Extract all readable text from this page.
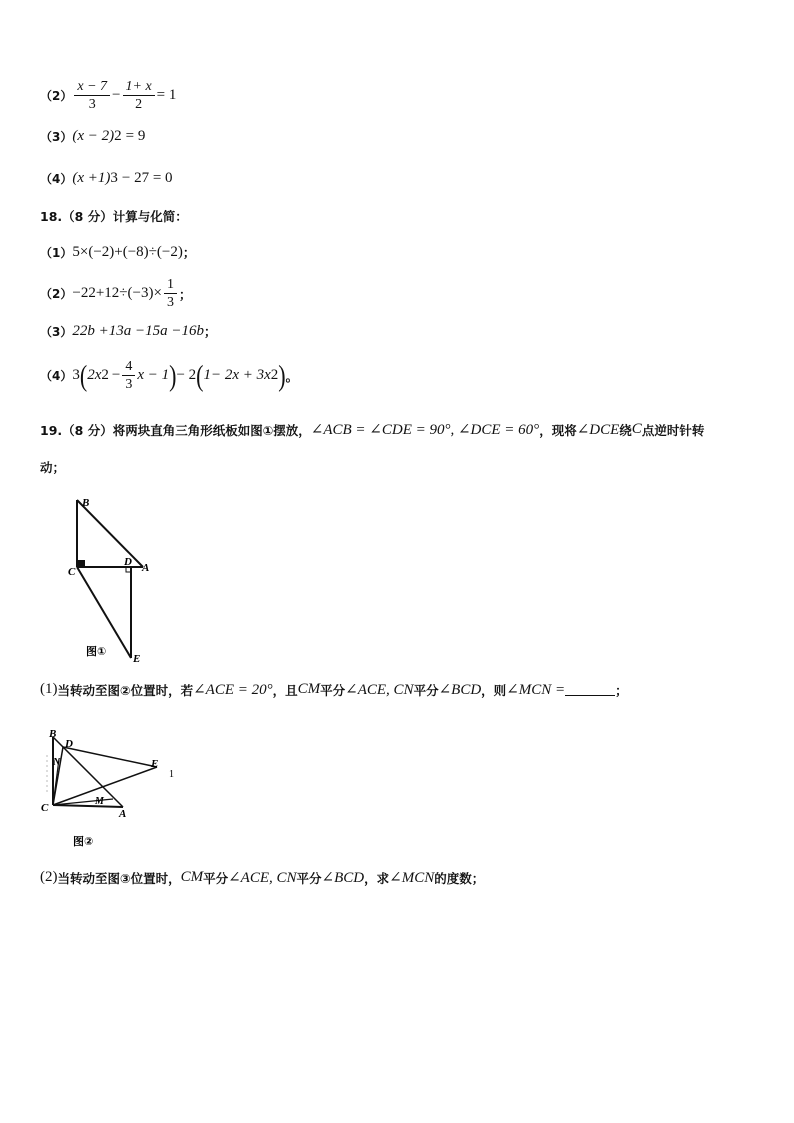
$(2) \frac{x - 7}{3} - \frac{1+ x}{2} = 1$
（3） (x − 2) 2 = 9
（4） (x +1) 3 − 27 = 0
18.（8 分）计算与化简：
（1） 5×(−2)+(−8)÷(−2) ；
（2） −2 $2 +12\div(-3)\times \frac{1}{3}$ ；
（3） 22b +13a −15a −16b ；
（4） 3 ( 2x $2 - \frac{4}{3}$ x − 1 ) − 2 ( 1− 2x + 3x 2 ) 。
19.（8 分）将两块直角三角形纸板如图①摆放， ∠ACB = ∠CDE = 90°, ∠DCE = 60° ，现将 ∠DCE 绕 C 点逆时针转
动；
B
C
D A
E
图①
(1) 当转动至图②位置时，若 ∠ACE = 20° ，且 CM 平分 ∠ACE, CN 平分 ∠BCD ，则 ∠MCN =	；
B
D
N	E
1
M
C	A
图②
(2) 当转动至图③位置时， CM 平分 ∠ACE, CN 平分 ∠BCD ，求 ∠MCN 的度数；
